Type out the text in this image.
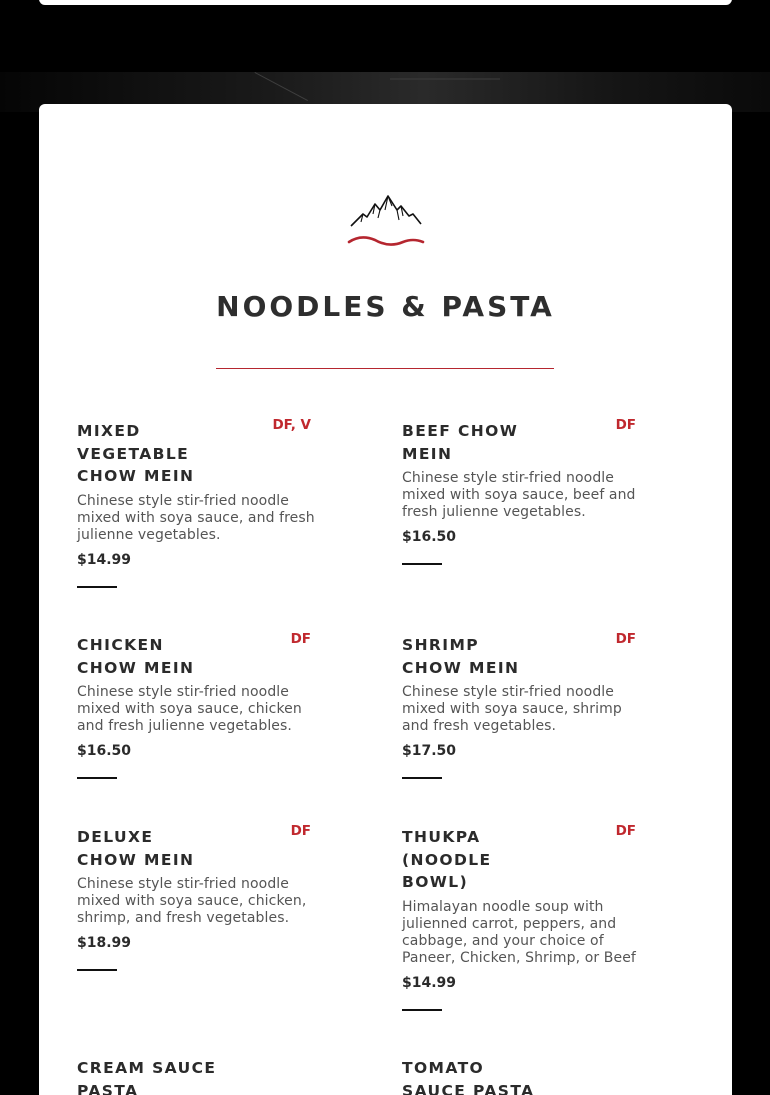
NOODLES & PASTA
MIXED VEGETABLE CHOW MEIN
DF, V
Chinese style stir-fried noodle mixed with soya sauce, and fresh julienne vegetables.
$14.99
BEEF CHOW MEIN
DF
Chinese style stir-fried noodle mixed with soya sauce, beef and fresh julienne vegetables.
$16.50
CHICKEN CHOW MEIN
DF
Chinese style stir-fried noodle mixed with soya sauce, chicken and fresh julienne vegetables.
$16.50
SHRIMP CHOW MEIN
DF
Chinese style stir-fried noodle mixed with soya sauce, shrimp and fresh vegetables.
$17.50
DELUXE CHOW MEIN
DF
Chinese style stir-fried noodle mixed with soya sauce, chicken, shrimp, and fresh vegetables.
$18.99
THUKPA (NOODLE BOWL)
DF
Himalayan noodle soup with julienned carrot, peppers, and cabbage, and your choice of Paneer, Chicken, Shrimp, or Beef
$14.99
CREAM SAUCE PASTA
TOMATO SAUCE PASTA
